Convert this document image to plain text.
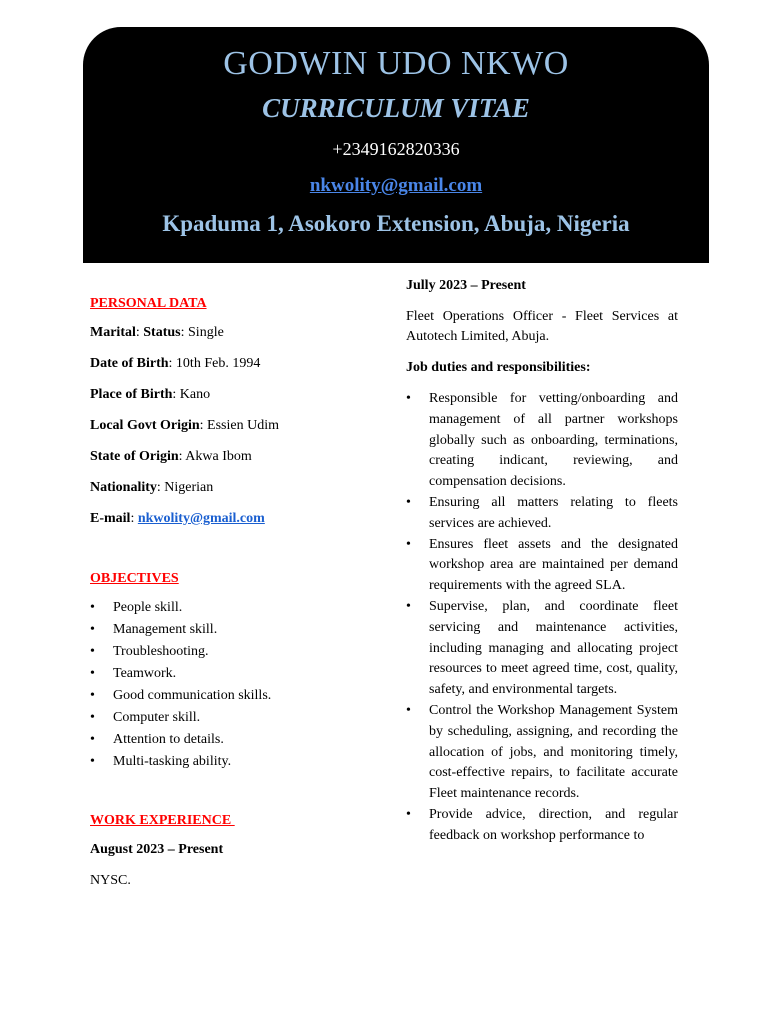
GODWIN UDO NKWO
CURRICULUM VITAE
+2349162820336
nkwolity@gmail.com
Kpaduma 1, Asokoro Extension, Abuja, Nigeria

PERSONAL DATA

Marital: Status: Single

Date of Birth: 10th Feb. 1994

Place of Birth: Kano

Local Govt Origin: Essien Udim

State of Origin: Akwa Ibom

Nationality: Nigerian

E-mail: nkwolity@gmail.com

OBJECTIVES

• People skill.
• Management skill.
• Troubleshooting.
• Teamwork.
• Good communication skills.
• Computer skill.
• Attention to details.
• Multi-tasking ability.

WORK EXPERIENCE

August 2023 – Present

NYSC.

Jully 2023 – Present

Fleet Operations Officer - Fleet Services at Autotech Limited, Abuja.

Job duties and responsibilities:

• Responsible for vetting/onboarding and management of all partner workshops globally such as onboarding, terminations, creating indicant, reviewing, and compensation decisions.
• Ensuring all matters relating to fleets services are achieved.
• Ensures fleet assets and the designated workshop area are maintained per demand requirements with the agreed SLA.
• Supervise, plan, and coordinate fleet servicing and maintenance activities, including managing and allocating project resources to meet agreed time, cost, quality, safety, and environmental targets.
• Control the Workshop Management System by scheduling, assigning, and recording the allocation of jobs, and monitoring timely, cost-effective repairs, to facilitate accurate Fleet maintenance records.
• Provide advice, direction, and regular feedback on workshop performance to
